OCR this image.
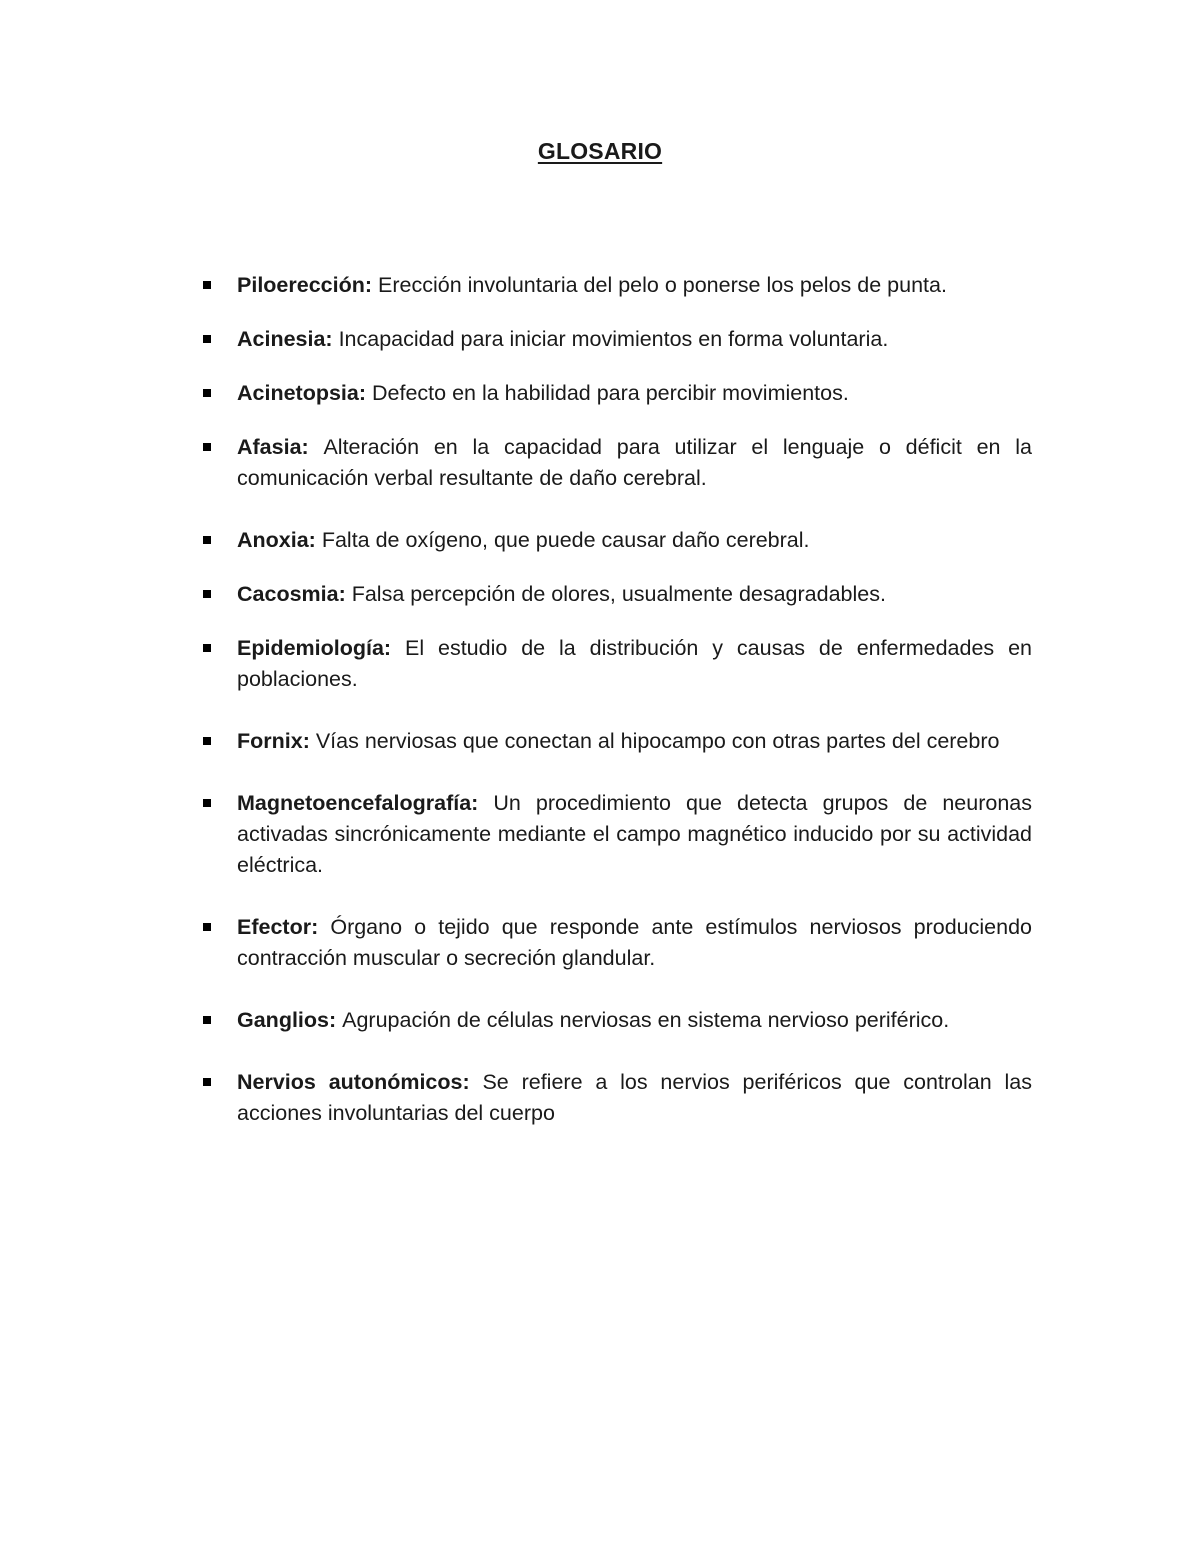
GLOSARIO
Piloerección: Erección involuntaria del pelo o ponerse los pelos de punta.
Acinesia: Incapacidad para iniciar movimientos en forma voluntaria.
Acinetopsia: Defecto en la habilidad para percibir movimientos.
Afasia: Alteración en la capacidad para utilizar el lenguaje o déficit en la comunicación verbal resultante de daño cerebral.
Anoxia: Falta de oxígeno, que puede causar daño cerebral.
Cacosmia: Falsa percepción de olores, usualmente desagradables.
Epidemiología: El estudio de la distribución y causas de enfermedades en poblaciones.
Fornix: Vías nerviosas que conectan al hipocampo con otras partes del cerebro
Magnetoencefalografía: Un procedimiento que detecta grupos de neuronas activadas sincrónicamente mediante el campo magnético inducido por su actividad eléctrica.
Efector: Órgano o tejido que responde ante estímulos nerviosos produciendo contracción muscular o secreción glandular.
Ganglios: Agrupación de células nerviosas en sistema nervioso periférico.
Nervios autonómicos: Se refiere a los nervios periféricos que controlan las acciones involuntarias del cuerpo
